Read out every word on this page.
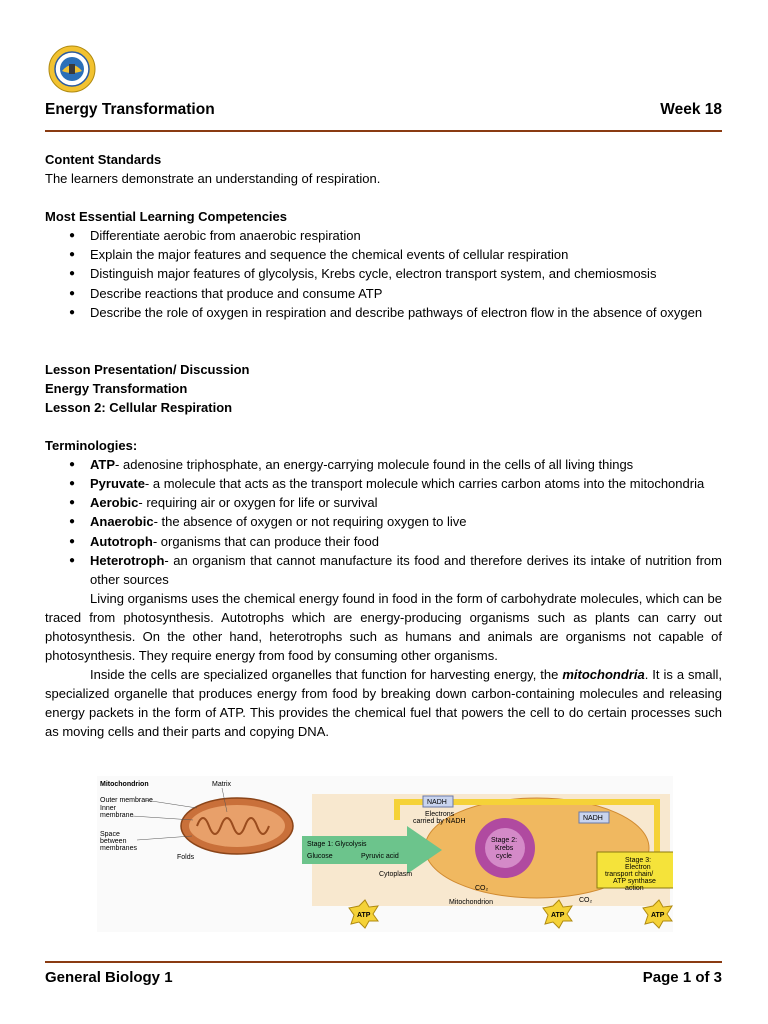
Energy Transformation	Week 18
Content Standards
The learners demonstrate an understanding of respiration.
Most Essential Learning Competencies
● Differentiate aerobic from anaerobic respiration
● Explain the major features and sequence the chemical events of cellular respiration
● Distinguish major features of glycolysis, Krebs cycle, electron transport system, and chemiosmosis
● Describe reactions that produce and consume ATP
● Describe the role of oxygen in respiration and describe pathways of electron flow in the absence of oxygen
Lesson Presentation/ Discussion
Energy Transformation
Lesson 2: Cellular Respiration
Terminologies:
● ATP- adenosine triphosphate, an energy-carrying molecule found in the cells of all living things
● Pyruvate- a molecule that acts as the transport molecule which carries carbon atoms into the mitochondria
● Aerobic- requiring air or oxygen for life or survival
● Anaerobic- the absence of oxygen or not requiring oxygen to live
● Autotroph- organisms that can produce their food
● Heterotroph- an organism that cannot manufacture its food and therefore derives its intake of nutrition from other sources

Living organisms uses the chemical energy found in food in the form of carbohydrate molecules, which can be traced from photosynthesis. Autotrophs which are energy-producing organisms such as plants can carry out photosynthesis. On the other hand, heterotrophs such as humans and animals are organisms not capable of photosynthesis. They require energy from food by consuming other organisms.

Inside the cells are specialized organelles that function for harvesting energy, the mitochondria. It is a small, specialized organelle that produces energy from food by breaking down carbon-containing molecules and releasing energy packets in the form of ATP. This provides the chemical fuel that powers the cell to do certain processes such as moving cells and their parts and copying DNA.

Mitochondrion	Matrix
Outer membrane
Inner
membrane
Space
between
membranes
Folds
Stage 2:
Krebs
cycle
NADH
Electrons
carried by NADH	NADH
Stage 1: Glycolysis
Glucose	Pyruvic acid
Cytoplasm
Stage 3:
Electron
transport chain/
ATP synthase
action
CO₂
CO₂
Mitochondrion
ATP	ATP	ATP
General Biology 1	Page 1 of 3
